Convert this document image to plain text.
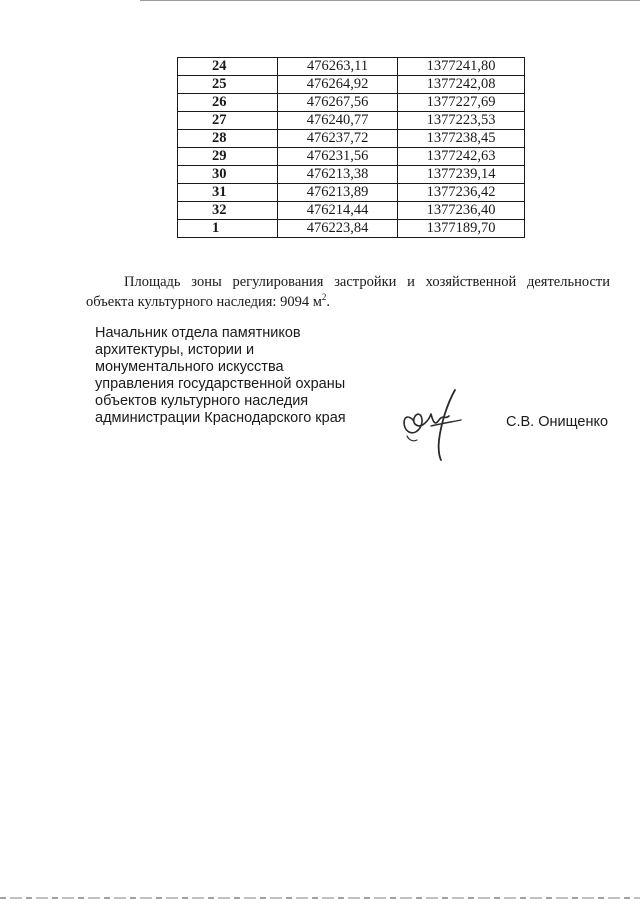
24	476263,11	1377241,80
25	476264,92	1377242,08
26	476267,56	1377227,69
27	476240,77	1377223,53
28	476237,72	1377238,45
29	476231,56	1377242,63
30	476213,38	1377239,14
31	476213,89	1377236,42
32	476214,44	1377236,40
1	476223,84	1377189,70

Площадь зоны регулирования застройки и хозяйственной деятельности объекта культурного наследия: 9094 $м^2$.

Начальник отдела памятников
архитектуры, истории и
монументального искусства
управления государственной охраны
объектов культурного наследия
администрации Краснодарского края	С.В. Онищенко
